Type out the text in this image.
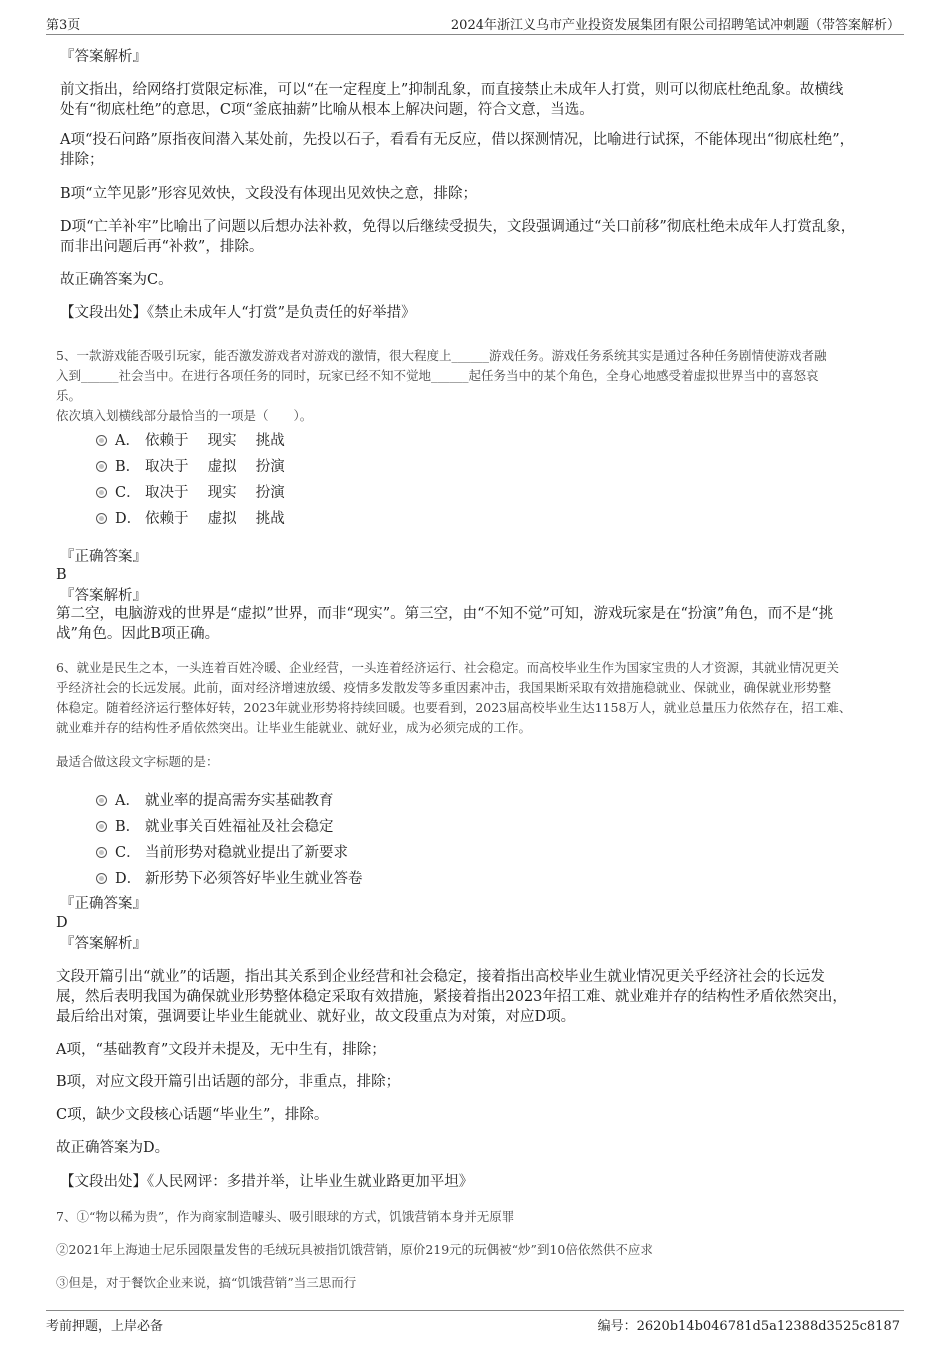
第3页	2024年浙江义乌市产业投资发展集团有限公司招聘笔试冲刺题（带答案解析）
『答案解析』
前文指出，给网络打赏限定标准，可以“在一定程度上”抑制乱象，而直接禁止未成年人打赏，则可以彻底杜绝乱象。故横线
处有“彻底杜绝”的意思，C项“釜底抽薪”比喻从根本上解决问题，符合文意，当选。
A项“投石问路”原指夜间潜入某处前，先投以石子，看看有无反应，借以探测情况，比喻进行试探，不能体现出“彻底杜绝”，
排除；
B项“立竿见影”形容见效快，文段没有体现出见效快之意，排除；
D项“亡羊补牢”比喻出了问题以后想办法补救，免得以后继续受损失，文段强调通过“关口前移”彻底杜绝未成年人打赏乱象，
而非出问题后再“补救”，排除。
故正确答案为C。
【文段出处】《禁止未成年人“打赏”是负责任的好举措》
5、一款游戏能否吸引玩家，能否激发游戏者对游戏的激情，很大程度上______游戏任务。游戏任务系统其实是通过各种任务剧情使游戏者融
入到______社会当中。在进行各项任务的同时，玩家已经不知不觉地______起任务当中的某个角色，全身心地感受着虚拟世界当中的喜怒哀
乐。
依次填入划横线部分最恰当的一项是（　　）。
A． 依赖于　 现实　 挑战
B． 取决于　 虚拟　 扮演
C． 取决于　 现实　 扮演
D． 依赖于　 虚拟　 挑战
『正确答案』
B
『答案解析』
第二空，电脑游戏的世界是“虚拟”世界，而非“现实”。第三空，由“不知不觉”可知，游戏玩家是在“扮演”角色，而不是“挑
战”角色。因此B项正确。
6、就业是民生之本，一头连着百姓冷暖、企业经营，一头连着经济运行、社会稳定。而高校毕业生作为国家宝贵的人才资源，其就业情况更关
乎经济社会的长远发展。此前，面对经济增速放缓、疫情多发散发等多重因素冲击，我国果断采取有效措施稳就业、保就业，确保就业形势整
体稳定。随着经济运行整体好转，2023年就业形势将持续回暖。也要看到，2023届高校毕业生达1158万人，就业总量压力依然存在，招工难、
就业难并存的结构性矛盾依然突出。让毕业生能就业、就好业，成为必须完成的工作。
最适合做这段文字标题的是：
A． 就业率的提高需夯实基础教育
B． 就业事关百姓福祉及社会稳定
C． 当前形势对稳就业提出了新要求
D． 新形势下必须答好毕业生就业答卷
『正确答案』
D
『答案解析』
文段开篇引出“就业”的话题，指出其关系到企业经营和社会稳定，接着指出高校毕业生就业情况更关乎经济社会的长远发
展，然后表明我国为确保就业形势整体稳定采取有效措施，紧接着指出2023年招工难、就业难并存的结构性矛盾依然突出，
最后给出对策，强调要让毕业生能就业、就好业，故文段重点为对策，对应D项。
A项，“基础教育”文段并未提及，无中生有，排除；
B项，对应文段开篇引出话题的部分，非重点，排除；
C项，缺少文段核心话题“毕业生”，排除。
故正确答案为D。
【文段出处】《人民网评：多措并举，让毕业生就业路更加平坦》
7、①“物以稀为贵”，作为商家制造噱头、吸引眼球的方式，饥饿营销本身并无原罪
②2021年上海迪士尼乐园限量发售的毛绒玩具被指饥饿营销，原价219元的玩偶被“炒”到10倍依然供不应求
③但是，对于餐饮企业来说，搞“饥饿营销”当三思而行
考前押题，上岸必备	编号：2620b14b046781d5a12388d3525c8187
